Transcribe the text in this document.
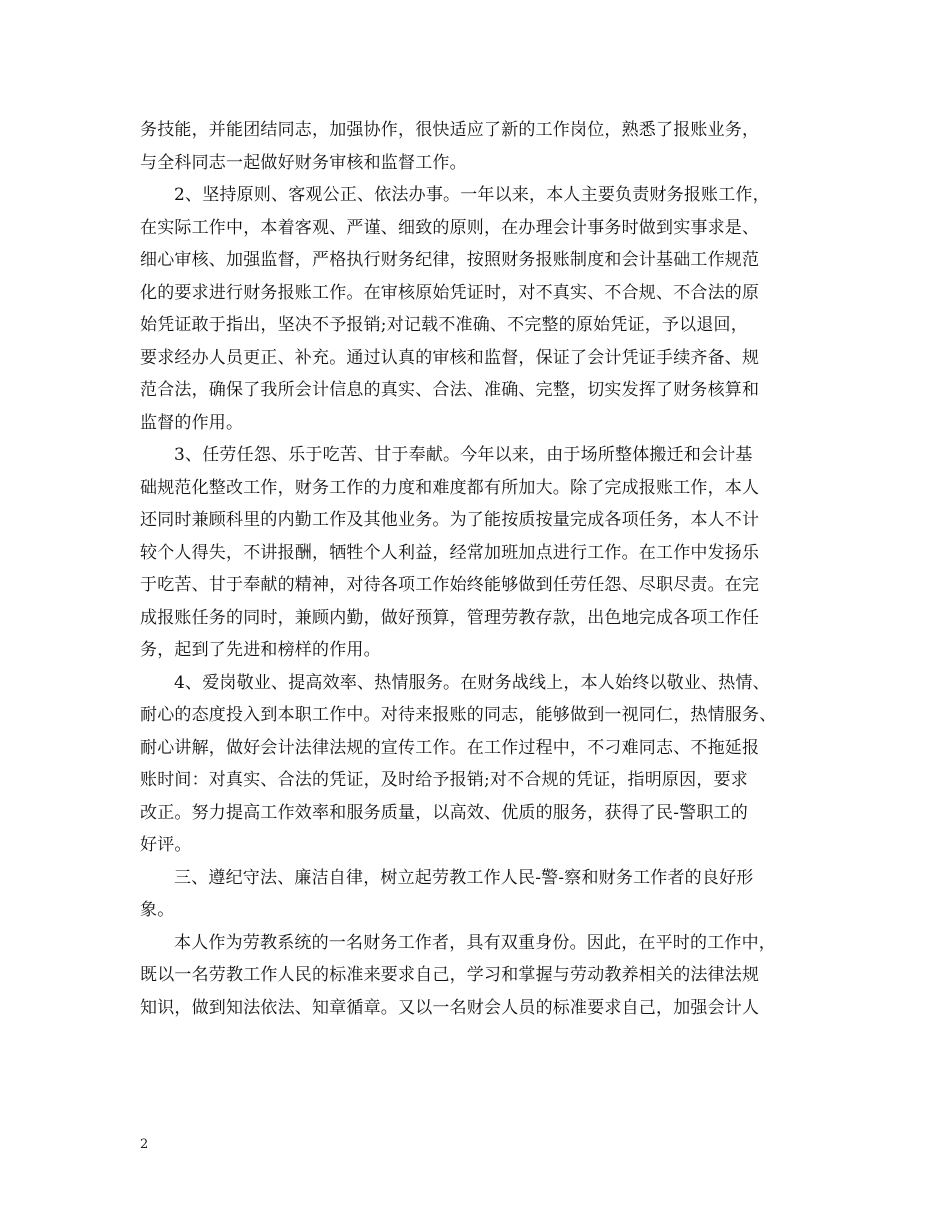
务技能，并能团结同志，加强协作，很快适应了新的工作岗位，熟悉了报账业务，
与全科同志一起做好财务审核和监督工作。

2、坚持原则、客观公正、依法办事。一年以来，本人主要负责财务报账工作，
在实际工作中，本着客观、严谨、细致的原则，在办理会计事务时做到实事求是、
细心审核、加强监督，严格执行财务纪律，按照财务报账制度和会计基础工作规范
化的要求进行财务报账工作。在审核原始凭证时，对不真实、不合规、不合法的原
始凭证敢于指出，坚决不予报销;对记载不准确、不完整的原始凭证，予以退回，
要求经办人员更正、补充。通过认真的审核和监督，保证了会计凭证手续齐备、规
范合法，确保了我所会计信息的真实、合法、准确、完整，切实发挥了财务核算和
监督的作用。

3、任劳任怨、乐于吃苦、甘于奉献。今年以来，由于场所整体搬迁和会计基
础规范化整改工作，财务工作的力度和难度都有所加大。除了完成报账工作，本人
还同时兼顾科里的内勤工作及其他业务。为了能按质按量完成各项任务，本人不计
较个人得失，不讲报酬，牺牲个人利益，经常加班加点进行工作。在工作中发扬乐
于吃苦、甘于奉献的精神，对待各项工作始终能够做到任劳任怨、尽职尽责。在完
成报账任务的同时，兼顾内勤，做好预算，管理劳教存款，出色地完成各项工作任
务，起到了先进和榜样的作用。

4、爱岗敬业、提高效率、热情服务。在财务战线上，本人始终以敬业、热情、
耐心的态度投入到本职工作中。对待来报账的同志，能够做到一视同仁，热情服务、
耐心讲解，做好会计法律法规的宣传工作。在工作过程中，不刁难同志、不拖延报
账时间：对真实、合法的凭证，及时给予报销;对不合规的凭证，指明原因，要求
改正。努力提高工作效率和服务质量，以高效、优质的服务，获得了民-警职工的
好评。

三、遵纪守法、廉洁自律，树立起劳教工作人民-警-察和财务工作者的良好形
象。

本人作为劳教系统的一名财务工作者，具有双重身份。因此，在平时的工作中，
既以一名劳教工作人民的标准来要求自己，学习和掌握与劳动教养相关的法律法规
知识，做到知法依法、知章循章。又以一名财会人员的标准要求自己，加强会计人

2
